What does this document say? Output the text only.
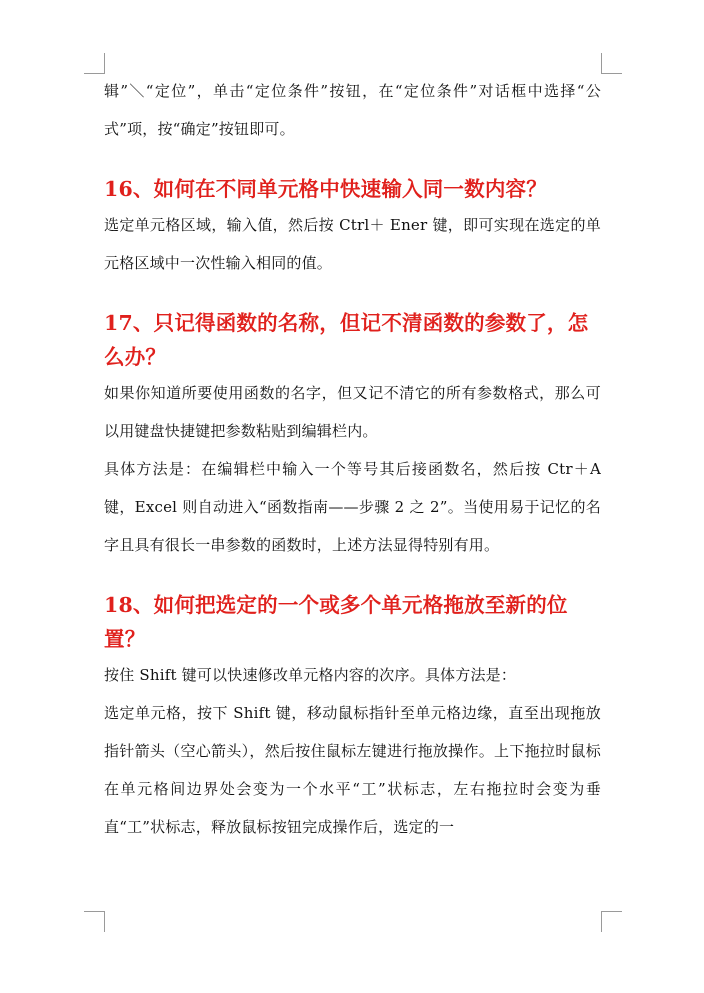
辑”＼“定位”，单击“定位条件”按钮，在“定位条件”对话框中选择“公式”项，按“确定”按钮即可。

16、如何在不同单元格中快速输入同一数内容？

选定单元格区域，输入值，然后按 Ctrl＋ Ener 键，即可实现在选定的单元格区域中一次性输入相同的值。

17、只记得函数的名称，但记不清函数的参数了，怎么办？

如果你知道所要使用函数的名字，但又记不清它的所有参数格式，那么可以用键盘快捷键把参数粘贴到编辑栏内。

具体方法是：在编辑栏中输入一个等号其后接函数名，然后按 Ctr＋A 键，Excel 则自动进入“函数指南——步骤 2 之 2”。当使用易于记忆的名字且具有很长一串参数的函数时，上述方法显得特别有用。

18、如何把选定的一个或多个单元格拖放至新的位置？

按住 Shift 键可以快速修改单元格内容的次序。具体方法是：

选定单元格，按下 Shift 键，移动鼠标指针至单元格边缘，直至出现拖放指针箭头（空心箭头），然后按住鼠标左键进行拖放操作。上下拖拉时鼠标在单元格间边界处会变为一个水平“工”状标志，左右拖拉时会变为垂直“工”状标志，释放鼠标按钮完成操作后，选定的一
